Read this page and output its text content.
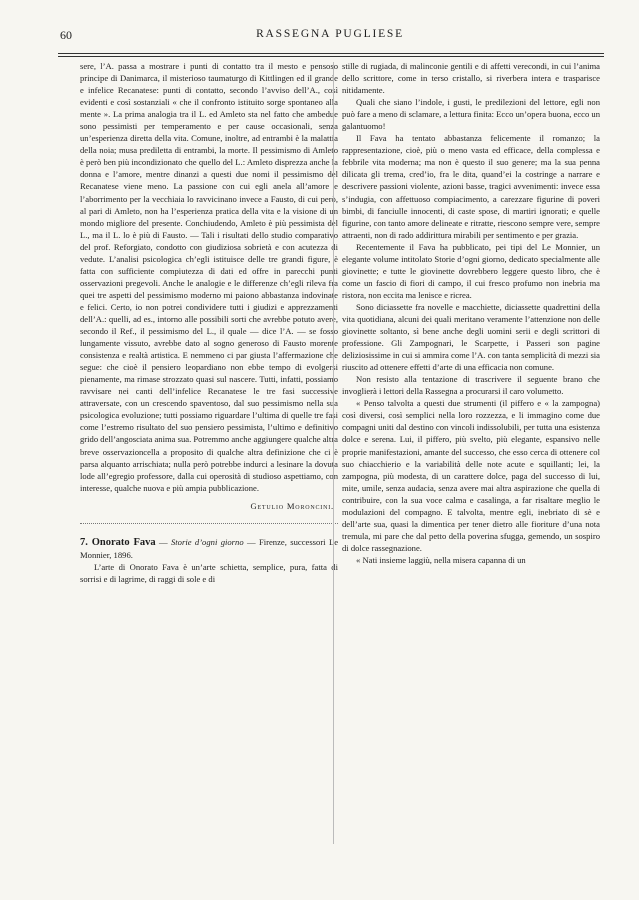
60	RASSEGNA PUGLIESE

sere, l’A. passa a mostrare i punti di contatto tra il mesto e pensoso principe di Danimarca, il misterioso taumaturgo di Kittlingen ed il grande e infelice Recanatese: punti di contatto, secondo l’avviso dell’A., così evidenti e così sostanziali « che il confronto istituito sorge spontaneo alla mente ». La prima analogia tra il L. ed Amleto sta nel fatto che ambedue sono pessimisti per temperamento e per cause occasionali, senza un’esperienza diretta della vita. Comune, inoltre, ad entrambi è la malattia della noia; musa prediletta di entrambi, la morte. Il pessimismo di Amleto è però ben più incondizionato che quello del L.: Amleto disprezza anche la donna e l’amore, mentre dinanzi a questi due nomi il pessimismo del Recanatese viene meno. La passione con cui egli anela all’amore e l’aborrimento per la vecchiaia lo ravvicinano invece a Fausto, di cui però, al pari di Amleto, non ha l’esperienza pratica della vita e la visione di un mondo migliore del presente. Conchiudendo, Amleto è più pessimista del L., ma il L. lo è più di Fausto. — Tali i risultati dello studio comparativo del prof. Reforgiato, condotto con giudiziosa sobrietà e con acutezza di vedute. L’analisi psicologica ch’egli istituisce delle tre grandi figure, è fatta con sufficiente compiutezza di dati ed offre in parecchi punti osservazioni pregevoli. Anche le analogie e le differenze ch’egli rileva fra quei tre aspetti del pessimismo moderno mi paiono abbastanza indovinate e felici. Certo, io non potrei condividere tutti i giudizi e apprezzamenti dell’A.: quelli, ad es., intorno alle possibili sorti che avrebbe potuto avere, secondo il Ref., il pessimismo del L., il quale — dice l’A. — se fosso lungamente vissuto, avrebbe dato al sogno generoso di Fausto morente consistenza e realtà artistica. E nemmeno ci par giusta l’affermazione che segue: che cioè il pensiero leopardiano non ebbe tempo di evolgersi pienamente, ma rimase strozzato quasi sul nascere. Tutti, infatti, possiamo ravvisare nei canti dell’infelice Recanatese le tre fasi successive attraversate, con un crescendo spaventoso, dal suo pessimismo nella sua psicologica evoluzione; tutti possiamo riguardare l’ultima di quelle tre fasi come l’estremo risultato del suo pensiero pessimista, l’ultimo e definitivo grido dell’angosciata anima sua. Potremmo anche aggiungere qualche altra breve osservazioncella a proposito di qualche altra definizione che ci è parsa alquanto arrischiata; nulla però potrebbe indurci a lesinare la dovuta lode all’egregio professore, dalla cui operosità di studioso aspettiamo, con interesse, qualche nuova e più ampia pubblicazione.

Getulio Moroncini.

7. Onorato Fava — Storie d’ogni giorno — Firenze, successori Le Monnier, 1896.

L’arte di Onorato Fava è un’arte schietta, semplice, pura, fatta di sorrisi e di lagrime, di raggi di sole e di

stille di rugiada, di malinconie gentili e di affetti verecondi, in cui l’anima dello scrittore, come in terso cristallo, si riverbera intera e trasparisce nitidamente.

Quali che siano l’indole, i gusti, le predilezioni del lettore, egli non può fare a meno di sclamare, a lettura finita: Ecco un’opera buona, ecco un galantuomo!

Il Fava ha tentato abbastanza felicemente il romanzo; la rappresentazione, cioè, più o meno vasta ed efficace, della complessa e febbrile vita moderna; ma non è questo il suo genere; ma la sua penna dilicata gli trema, cred’io, fra le dita, quand’ei la costringe a narrare e descrivere passioni violente, azioni basse, tragici avvenimenti: invece essa s’indugia, con affettuoso compiacimento, a carezzare figurine di poveri bimbi, di fanciulle innocenti, di caste spose, di martiri ignorati; e quelle figurine, con tanto amore delineate e ritratte, riescono sempre vere, sempre attraenti, non di rado addirittura mirabili per sentimento e per grazia.

Recentemente il Fava ha pubblicato, pei tipi del Le Monnier, un elegante volume intitolato Storie d’ogni giorno, dedicato specialmente alle giovinette; e tutte le giovinette dovrebbero leggere questo libro, che è come un fascio di fiori di campo, il cui fresco profumo non inebria ma ristora, non eccita ma lenisce e ricrea.

Sono diciassette fra novelle e macchiette, diciassette quadrettini della vita quotidiana, alcuni dei quali meritano veramente l’attenzione non delle giovinette soltanto, sì bene anche degli uomini serii e degli scrittori di professione. Gli Zampognari, le Scarpette, i Passeri son pagine deliziosissime in cui si ammira come l’A. con tanta semplicità di mezzi sia riuscito ad ottenere effetti d’arte di una efficacia non comune.

Non resisto alla tentazione di trascrivere il seguente brano che invoglierà i lettori della Rassegna a procurarsi il caro volumetto.

« Penso talvolta a questi due strumenti (il piffero e « la zampogna) così diversi, così semplici nella loro rozzezza, e li immagino come due compagni uniti dal destino con vincoli indissolubili, per tutta una esistenza dolce e serena. Lui, il piffero, più svelto, più elegante, espansivo nelle proprie manifestazioni, amante del successo, che esso cerca di ottenere col suo chiacchierio e la variabilità delle note acute e squillanti; lei, la zampogna, più modesta, di un carattere dolce, paga del successo di lui, mite, umile, senza audacia, senza avere mai altra aspirazione che quella di contribuire, con la sua voce calma e casalinga, a far risaltare meglio le modulazioni del compagno. E talvolta, mentre egli, inebriato di sè e dell’arte sua, quasi la dimentica per tener dietro alle fioriture d’una nota tremula, mi pare che dal petto della poverina sfugga, gemendo, un sospiro di dolce rassegnazione.

« Nati insieme laggiù, nella misera capanna di un
